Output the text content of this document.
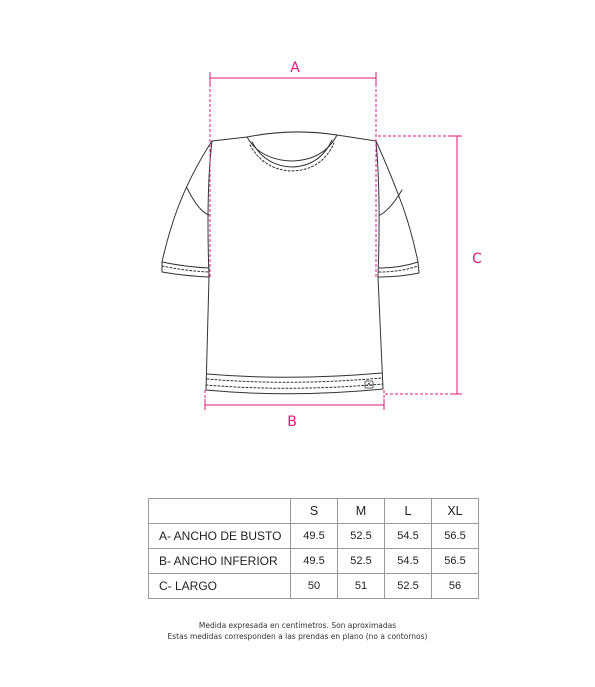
A
B
C
	S	M	L	XL
A- ANCHO DE BUSTO	49.5	52.5	54.5	56.5
B- ANCHO INFERIOR	49.5	52.5	54.5	56.5
C- LARGO	50	51	52.5	56
Medida expresada en centímetros. Son aproximadas
Estas medidas corresponden a las prendas en plano (no a contornos)
